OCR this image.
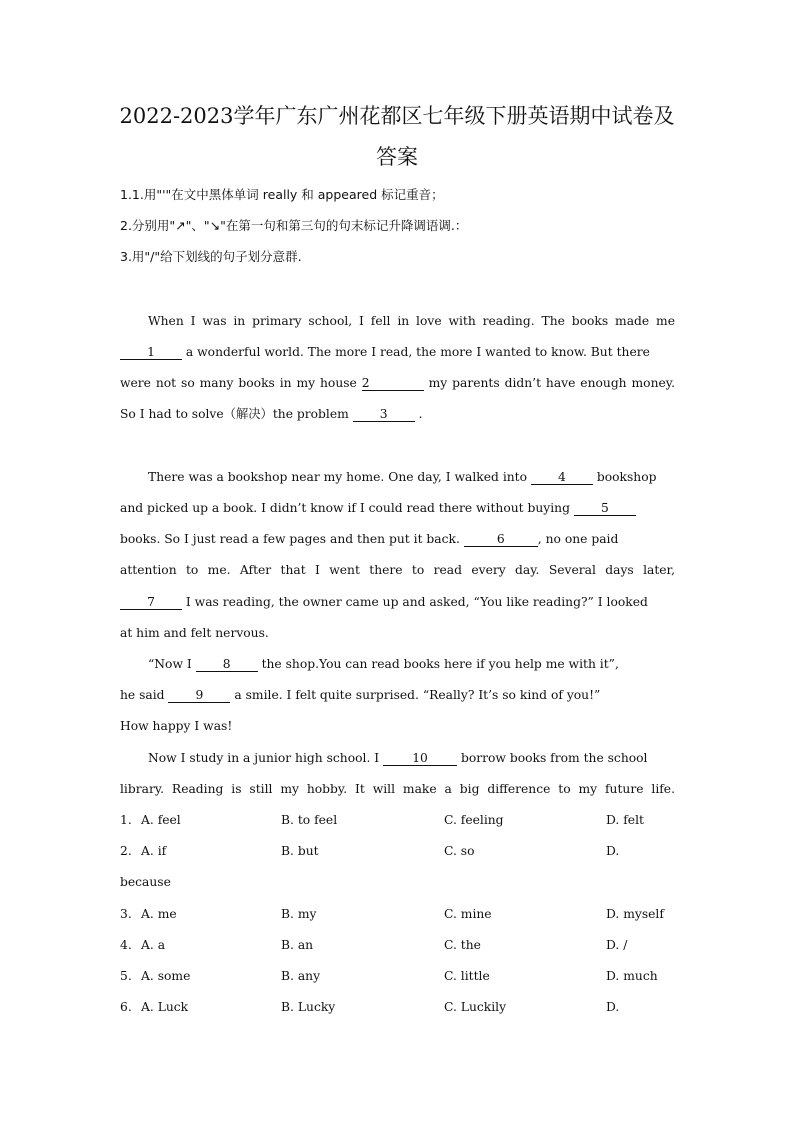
2022-2023学年广东广州花都区七年级下册英语期中试卷及
答案
1.1.用"'"在文中黑体单词 really 和 appeared 标记重音；
2.分别用"↗"、"↘"在第一句和第三句的句末标记升降调语调.：
3.用"/"给下划线的句子划分意群.
When I was in primary school, I fell in love with reading. The books made me
1 a wonderful world. The more I read, the more I wanted to know. But there
were not so many books in my house 2	my parents didn’t have enough money.
So I had to solve（解决）the problem 3 .
There was a bookshop near my home. One day, I walked into 4 bookshop
and picked up a book. I didn’t know if I could read there without buying 5
books. So I just read a few pages and then put it back.	6	, no one paid
attention to me. After that I went there to read every day. Several days later,
7 I was reading, the owner came up and asked, “You like reading?” I looked
at him and felt nervous.
“Now I 8 the shop.You can read books here if you help me with it”,
he said 9 a smile. I felt quite surprised. “Really? It’s so kind of you!”
How happy I was!
Now I study in a junior high school. I 10 borrow books from the school
library. Reading is still my hobby. It will make a big difference to my future life.
1. A. feel	B. to feel	C. feeling	D. felt
2. A. if	B. but	C. so	D.
because
3. A. me	B. my	C. mine	D. myself
4. A. a	B. an	C. the	D. /
5. A. some	B. any	C. little	D. much
6. A. Luck	B. Lucky	C. Luckily	D.
